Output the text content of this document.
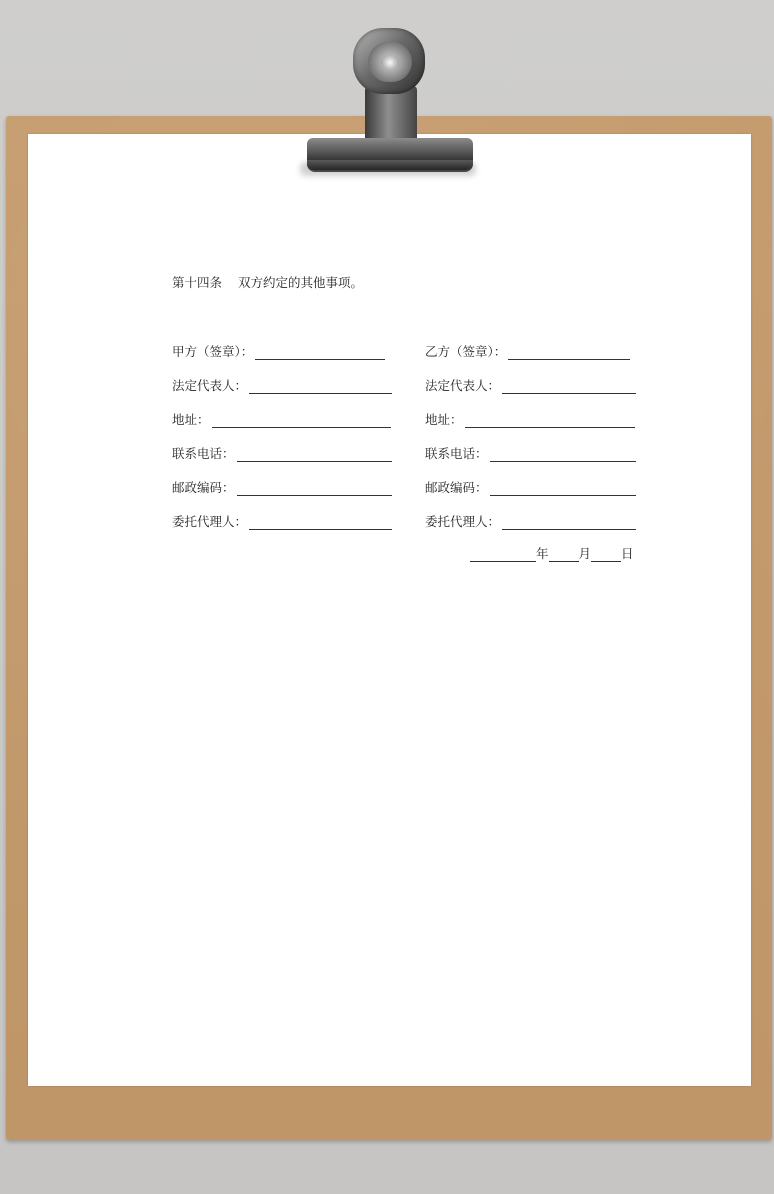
第十四条 双方约定的其他事项。
甲方（签章）：
法定代表人：
地址：
联系电话：
邮政编码：
委托代理人：
乙方（签章）：
法定代表人：
地址：
联系电话：
邮政编码：
委托代理人：
年 月 日
